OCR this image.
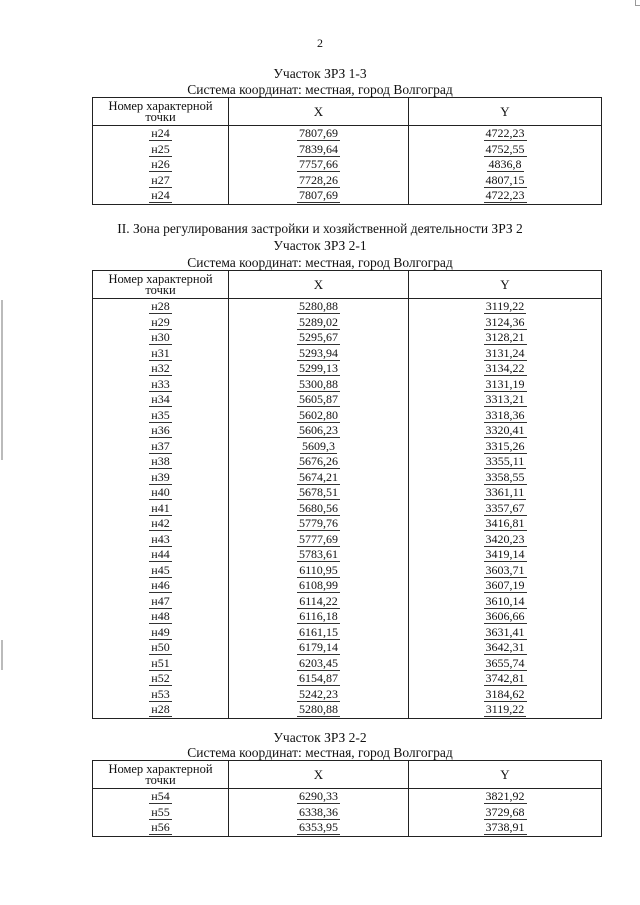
2
Участок ЗРЗ 1-3
Система координат: местная, город Волгоград
Номер характерной точки	X	Y
н24	7807,69	4722,23
н25	7839,64	4752,55
н26	7757,66	4836,8
н27	7728,26	4807,15
н24	7807,69	4722,23
II. Зона регулирования застройки и хозяйственной деятельности ЗРЗ 2
Участок ЗРЗ 2-1
Система координат: местная, город Волгоград
Номер характерной точки	X	Y
н28	5280,88	3119,22
н29	5289,02	3124,36
н30	5295,67	3128,21
н31	5293,94	3131,24
н32	5299,13	3134,22
н33	5300,88	3131,19
н34	5605,87	3313,21
н35	5602,80	3318,36
н36	5606,23	3320,41
н37	5609,3	3315,26
н38	5676,26	3355,11
н39	5674,21	3358,55
н40	5678,51	3361,11
н41	5680,56	3357,67
н42	5779,76	3416,81
н43	5777,69	3420,23
н44	5783,61	3419,14
н45	6110,95	3603,71
н46	6108,99	3607,19
н47	6114,22	3610,14
н48	6116,18	3606,66
н49	6161,15	3631,41
н50	6179,14	3642,31
н51	6203,45	3655,74
н52	6154,87	3742,81
н53	5242,23	3184,62
н28	5280,88	3119,22
Участок ЗРЗ 2-2
Система координат: местная, город Волгоград
Номер характерной точки	X	Y
н54	6290,33	3821,92
н55	6338,36	3729,68
н56	6353,95	3738,91
